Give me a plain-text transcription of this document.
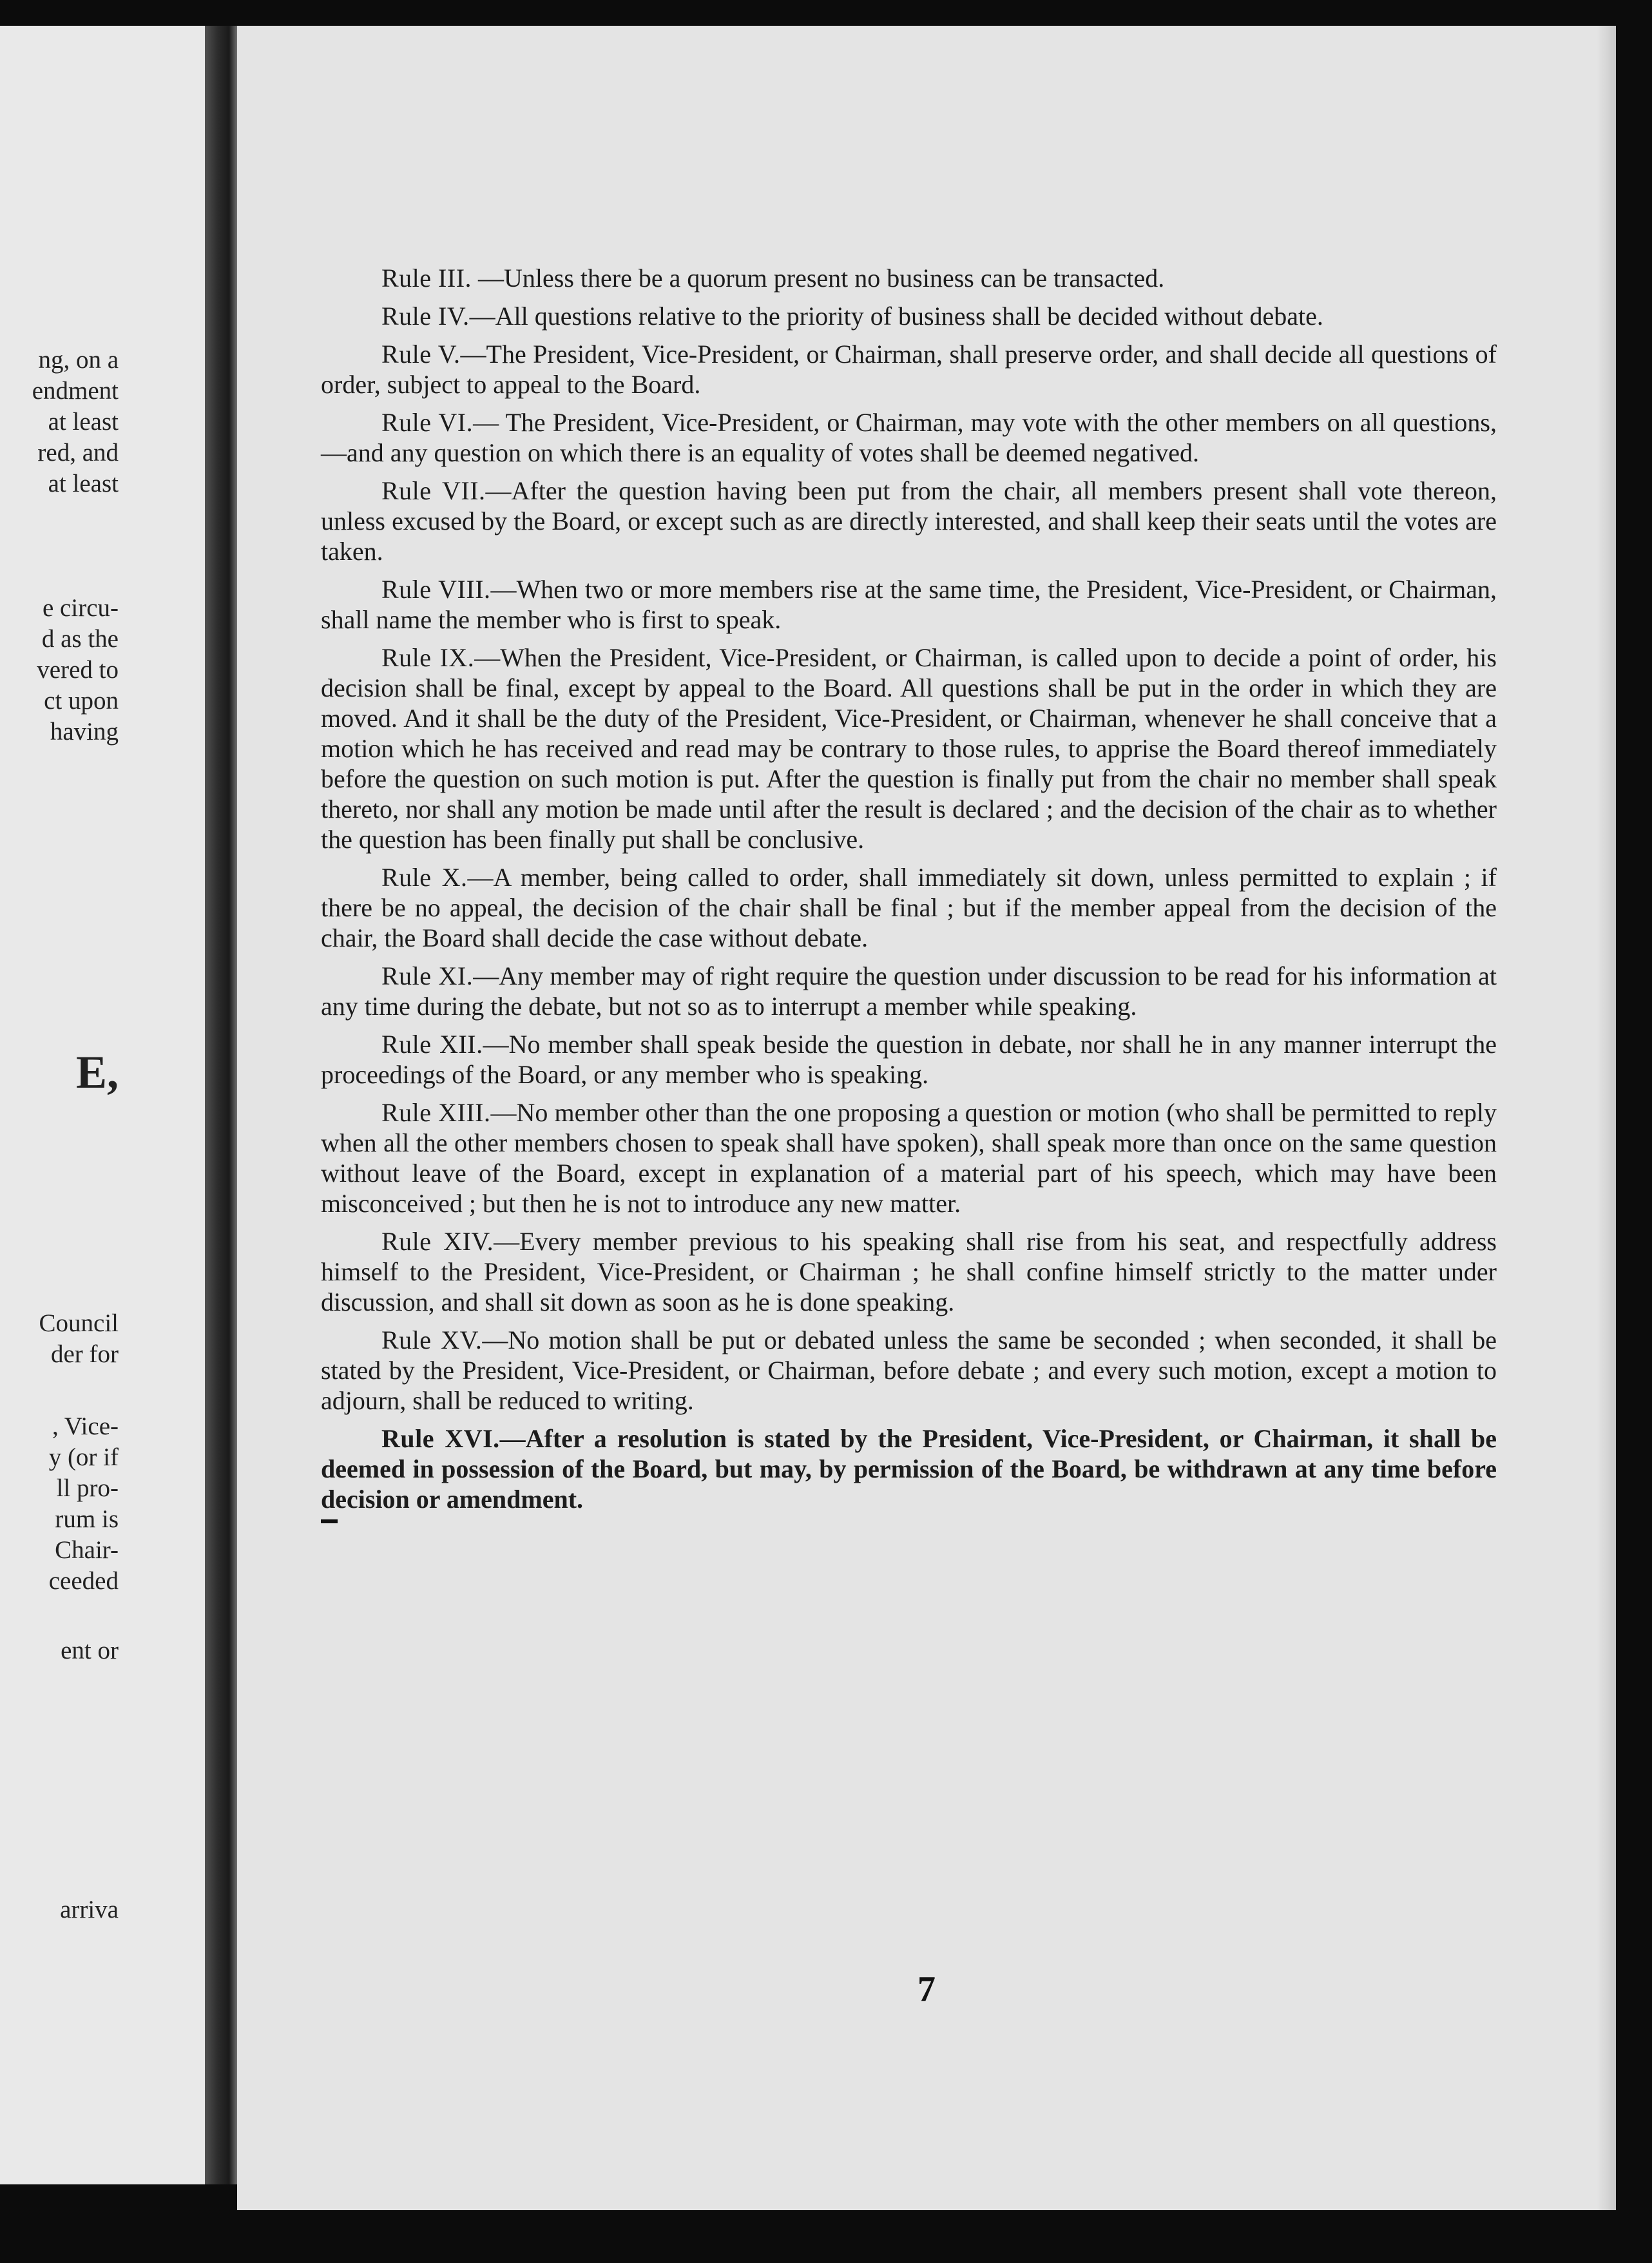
ng, on a
endment
at least
red, and
at least
e circu-
d as the
vered to
ct upon
having
E,
Council
der for
, Vice-
y (or if
ll pro-
rum is
Chair-
ceeded
ent or
arriva

Rule III. —Unless there be a quorum present no business can be transacted.

Rule IV.—All questions relative to the priority of business shall be decided without debate.

Rule V.—The President, Vice-President, or Chairman, shall preserve order, and shall decide all questions of order, subject to appeal to the Board.

Rule VI.— The President, Vice-President, or Chairman, may vote with the other members on all questions,—and any question on which there is an equality of votes shall be deemed negatived.

Rule VII.—After the question having been put from the chair, all members present shall vote thereon, unless excused by the Board, or except such as are directly interested, and shall keep their seats until the votes are taken.

Rule VIII.—When two or more members rise at the same time, the President, Vice-President, or Chairman, shall name the member who is first to speak.

Rule IX.—When the President, Vice-President, or Chairman, is called upon to decide a point of order, his decision shall be final, except by appeal to the Board. All questions shall be put in the order in which they are moved. And it shall be the duty of the President, Vice-President, or Chairman, whenever he shall conceive that a motion which he has received and read may be contrary to those rules, to apprise the Board thereof immediately before the question on such motion is put. After the question is finally put from the chair no member shall speak thereto, nor shall any motion be made until after the result is declared ; and the decision of the chair as to whether the question has been finally put shall be conclusive.

Rule X.—A member, being called to order, shall immediately sit down, unless permitted to explain ; if there be no appeal, the decision of the chair shall be final ; but if the member appeal from the decision of the chair, the Board shall decide the case without debate.

Rule XI.—Any member may of right require the question under discussion to be read for his information at any time during the debate, but not so as to interrupt a member while speaking.

Rule XII.—No member shall speak beside the question in debate, nor shall he in any manner interrupt the proceedings of the Board, or any member who is speaking.

Rule XIII.—No member other than the one proposing a question or motion (who shall be permitted to reply when all the other members chosen to speak shall have spoken), shall speak more than once on the same question without leave of the Board, except in explanation of a material part of his speech, which may have been misconceived ; but then he is not to introduce any new matter.

Rule XIV.—Every member previous to his speaking shall rise from his seat, and respectfully address himself to the President, Vice-President, or Chairman ; he shall confine himself strictly to the matter under discussion, and shall sit down as soon as he is done speaking.

Rule XV.—No motion shall be put or debated unless the same be seconded ; when seconded, it shall be stated by the President, Vice-President, or Chairman, before debate ; and every such motion, except a motion to adjourn, shall be reduced to writing.

Rule XVI.—After a resolution is stated by the President, Vice-President, or Chairman, it shall be deemed in possession of the Board, but may, by permission of the Board, be withdrawn at any time before decision or amendment.

7
